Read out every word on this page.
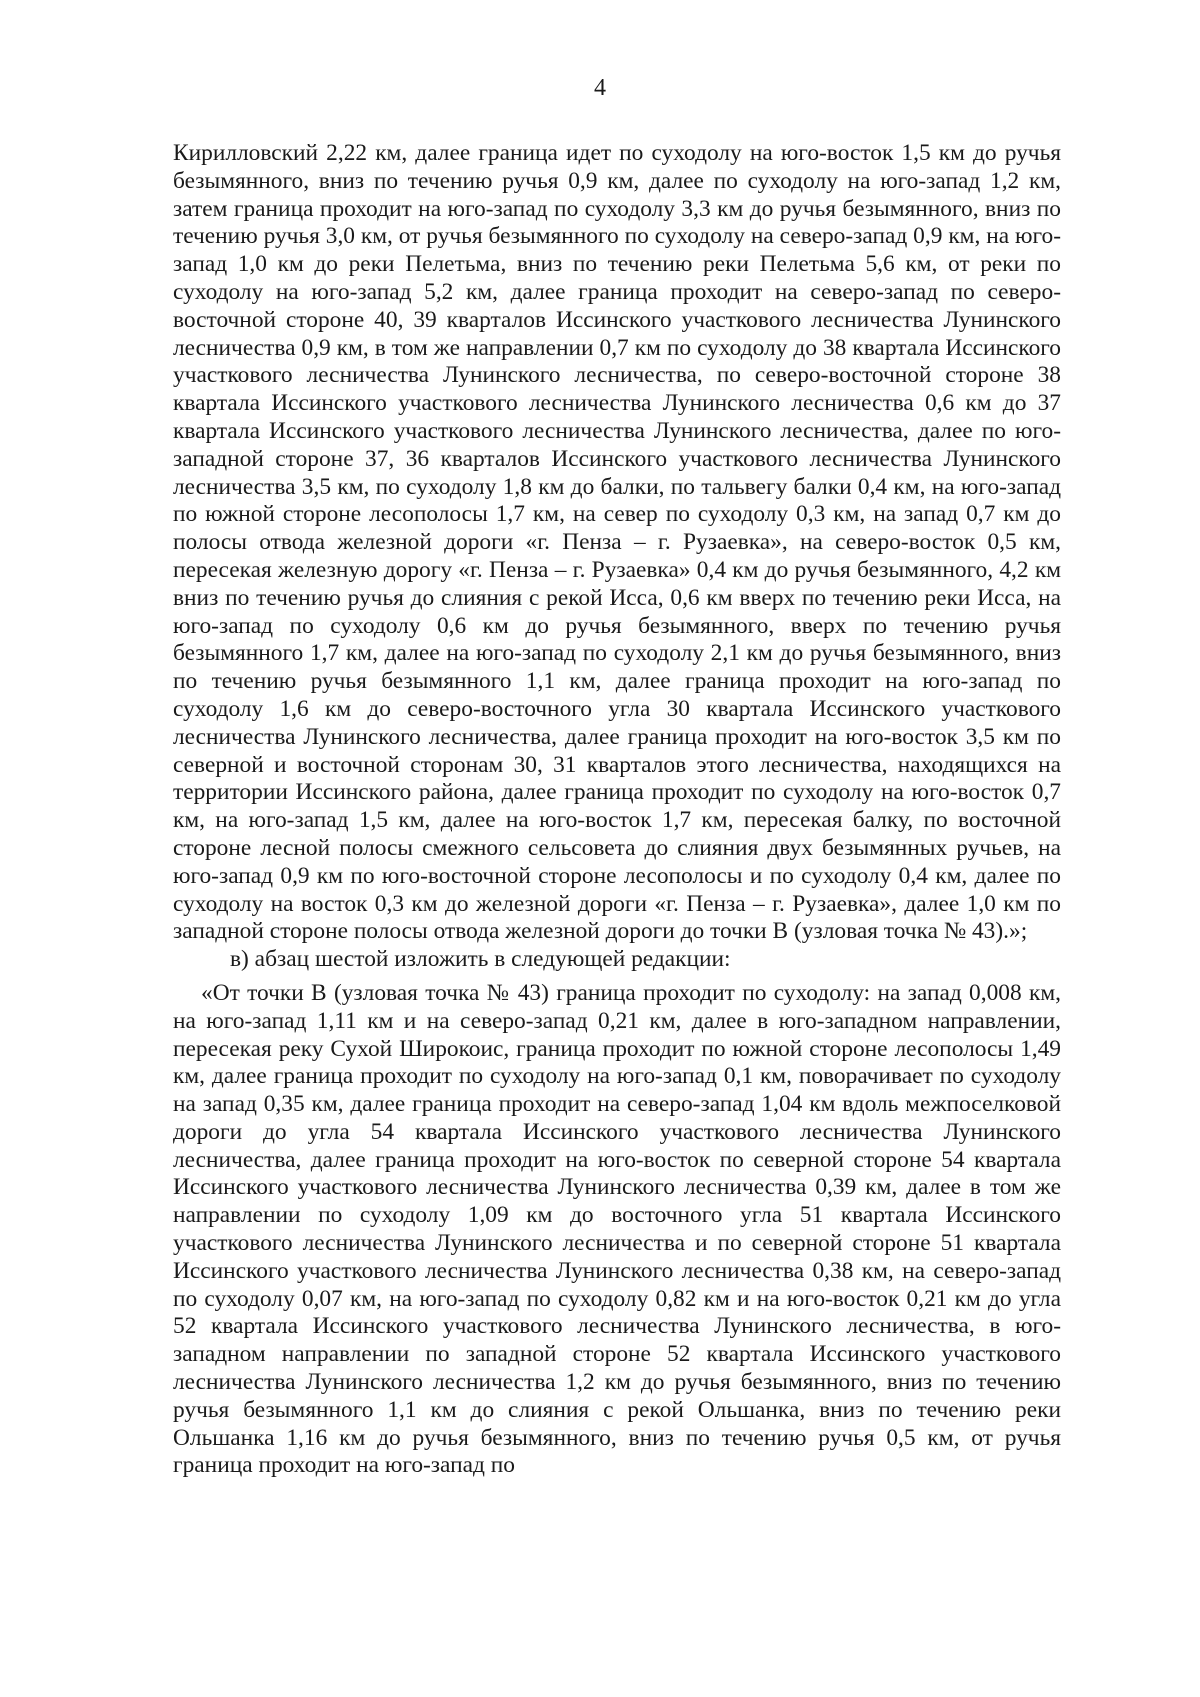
4

Кирилловский 2,22 км, далее граница идет по суходолу на юго-восток 1,5 км до ручья безымянного, вниз по течению ручья 0,9 км, далее по суходолу на юго-запад 1,2 км, затем граница проходит на юго-запад по суходолу 3,3 км до ручья безымянного, вниз по течению ручья 3,0 км, от ручья безымянного по суходолу на северо-запад 0,9 км, на юго-запад 1,0 км до реки Пелетьма, вниз по течению реки Пелетьма 5,6 км, от реки по суходолу на юго-запад 5,2 км, далее граница проходит на северо-запад по северо-восточной стороне 40, 39 кварталов Иссинского участкового лесничества Лунинского лесничества 0,9 км, в том же направлении 0,7 км по суходолу до 38 квартала Иссинского участкового лесничества Лунинского лесничества, по северо-восточной стороне 38 квартала Иссинского участкового лесничества Лунинского лесничества 0,6 км до 37 квартала Иссинского участкового лесничества Лунинского лесничества, далее по юго-западной стороне 37, 36 кварталов Иссинского участкового лесничества Лунинского лесничества 3,5 км, по суходолу 1,8 км до балки, по тальвегу балки 0,4 км, на юго-запад по южной стороне лесополосы 1,7 км, на север по суходолу 0,3 км, на запад 0,7 км до полосы отвода железной дороги «г. Пенза – г. Рузаевка», на северо-восток 0,5 км, пересекая железную дорогу «г. Пенза – г. Рузаевка» 0,4 км до ручья безымянного, 4,2 км вниз по течению ручья до слияния с рекой Исса, 0,6 км вверх по течению реки Исса, на юго-запад по суходолу 0,6 км до ручья безымянного, вверх по течению ручья безымянного 1,7 км, далее на юго-запад по суходолу 2,1 км до ручья безымянного, вниз по течению ручья безымянного 1,1 км, далее граница проходит на юго-запад по суходолу 1,6 км до северо-восточного угла 30 квартала Иссинского участкового лесничества Лунинского лесничества, далее граница проходит на юго-восток 3,5 км по северной и восточной сторонам 30, 31 кварталов этого лесничества, находящихся на территории Иссинского района, далее граница проходит по суходолу на юго-восток 0,7 км, на юго-запад 1,5 км, далее на юго-восток 1,7 км, пересекая балку, по восточной стороне лесной полосы смежного сельсовета до слияния двух безымянных ручьев, на юго-запад 0,9 км по юго-восточной стороне лесополосы и по суходолу 0,4 км, далее по суходолу на восток 0,3 км до железной дороги «г. Пенза – г. Рузаевка», далее 1,0 км по западной стороне полосы отвода железной дороги до точки В (узловая точка № 43).»;

в) абзац шестой изложить в следующей редакции:

«От точки В (узловая точка № 43) граница проходит по суходолу: на запад 0,008 км, на юго-запад 1,11 км и на северо-запад 0,21 км, далее в юго-западном направлении, пересекая реку Сухой Широкоис, граница проходит по южной стороне лесополосы 1,49 км, далее граница проходит по суходолу на юго-запад 0,1 км, поворачивает по суходолу на запад 0,35 км, далее граница проходит на северо-запад 1,04 км вдоль межпоселковой дороги до угла 54 квартала Иссинского участкового лесничества Лунинского лесничества, далее граница проходит на юго-восток по северной стороне 54 квартала Иссинского участкового лесничества Лунинского лесничества 0,39 км, далее в том же направлении по суходолу 1,09 км до восточного угла 51 квартала Иссинского участкового лесничества Лунинского лесничества и по северной стороне 51 квартала Иссинского участкового лесничества Лунинского лесничества 0,38 км, на северо-запад по суходолу 0,07 км, на юго-запад по суходолу 0,82 км и на юго-восток 0,21 км до угла 52 квартала Иссинского участкового лесничества Лунинского лесничества, в юго-западном направлении по западной стороне 52 квартала Иссинского участкового лесничества Лунинского лесничества 1,2 км до ручья безымянного, вниз по течению ручья безымянного 1,1 км до слияния с рекой Ольшанка, вниз по течению реки Ольшанка 1,16 км до ручья безымянного, вниз по течению ручья 0,5 км, от ручья граница проходит на юго-запад по
